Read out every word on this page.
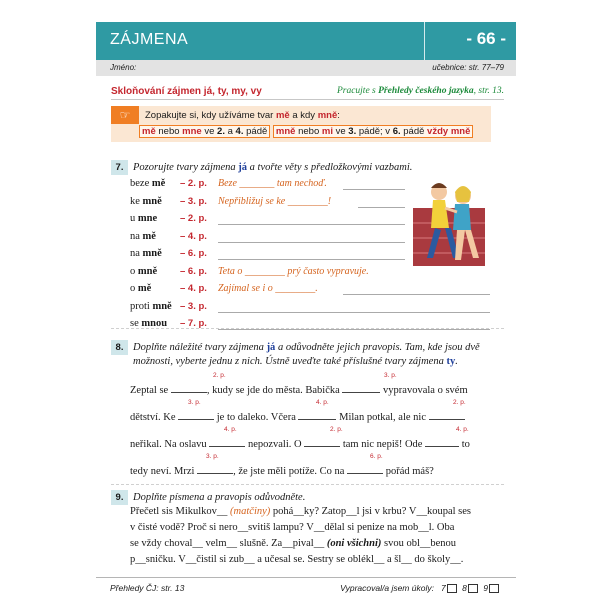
ZÁJMENA	- 66 -
Jméno:	učebnice: str. 77–79
Skloňování zájmen já, ty, my, vy	Pracujte s Přehledy českého jazyka, str. 13.
☞	Zopakujte si, kdy užíváme tvar mě a kdy mně:
mě nebo mne ve 2. a 4. pádě mně nebo mi ve 3. pádě; v 6. pádě vždy mně
7. Pozorujte tvary zájmena já a tvořte věty s předložkovými vazbami.
beze mě – 2. p. Beze _______ tam nechoď.
ke mně – 3. p. Nepřibližuj se ke ________!
u mne – 2. p.
na mě	– 4. p.
na mně – 6. p.
o mně – 6. p. Teta o ________ prý často vypravuje.
o mě	– 4. p. Zajímal se i o ________.
proti mně – 3. p.
se mnou – 7. p.
8. Doplňte náležité tvary zájmena já a odůvodněte jejich pravopis. Tam, kde jsou dvě
možnosti, vyberte jednu z nich. Ústně uveďte také příslušné tvary zájmena ty.
2. p.	3. p.
Zeptal se	, kudy se jde do města. Babička	vypravovala o svém
3. p.	4. p.	2. p.
dětství. Ke	je to daleko. Včera	Milan potkal, ale nic
4. p.	2. p.	4. p.
neřikal. Na oslavu	nepozvali. O	tam nic nepiš! Ode	to
3. p.	6. p.
tedy neví. Mrzi	, že jste měli potíže. Co na	pořád máš?
9. Doplňte písmena a pravopis odůvodněte.
Přečetl sis Mikulkov__ (matčiny) pohá__ky? Zatop__l jsi v krbu? V__koupal ses
v čisté vodě? Proč si nero__svitiš lampu? V__dělal si penize na mob__l. Oba
se vždy choval__ velm__ slušně. Za__pival__ (oni všichni) svou obl__benou
p__sničku. V__čistil si zub__ a učesal se. Sestry se oblékl__ a šl__ do školy__.
Přehledy ČJ: str. 13	Vypracoval/a jsem úkoly: 7 8 9
